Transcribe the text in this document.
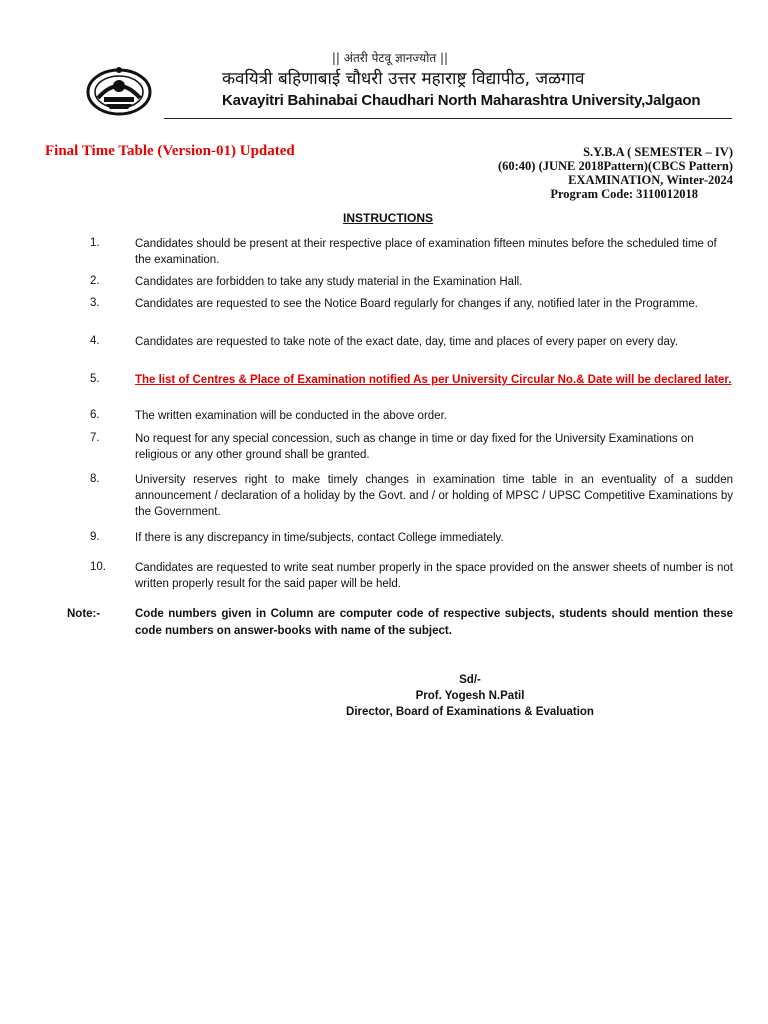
|| अंतरी पेटवू ज्ञानज्योत ||
कवयित्री बहिणाबाई चौधरी उत्तर महाराष्ट्र विद्यापीठ, जळगाव
Kavayitri Bahinabai Chaudhari North Maharashtra University,Jalgaon
Final Time Table (Version-01) Updated	S.Y.B.A ( SEMESTER – IV)
(60:40) (JUNE 2018Pattern)(CBCS Pattern)
EXAMINATION, Winter-2024
Program Code: 3110012018
INSTRUCTIONS
1.	Candidates should be present at their respective place of examination fifteen minutes before the scheduled time of the examination.
2.	Candidates are forbidden to take any study material in the Examination Hall.
3.	Candidates are requested to see the Notice Board regularly for changes if any, notified later in the Programme.
4.	Candidates are requested to take note of the exact date, day, time and places of every paper on every day.
5.	The list of Centres & Place of Examination notified As per University Circular No.& Date will be declared later.
6.	The written examination will be conducted in the above order.
7.	No request for any special concession, such as change in time or day fixed for the University Examinations on religious or any other ground shall be granted.
8.	University reserves right to make timely changes in examination time table in an eventuality of a sudden announcement / declaration of a holiday by the Govt. and / or holding of MPSC / UPSC Competitive Examinations by the Government.
9.	If there is any discrepancy in time/subjects, contact College immediately.
10.	Candidates are requested to write seat number properly in the space provided on the answer sheets of number is not written properly result for the said paper will be held.
Note:-	Code numbers given in Column are computer code of respective subjects, students should mention these code numbers on answer-books with name of the subject.
Sd/-
Prof. Yogesh N.Patil
Director, Board of Examinations & Evaluation
